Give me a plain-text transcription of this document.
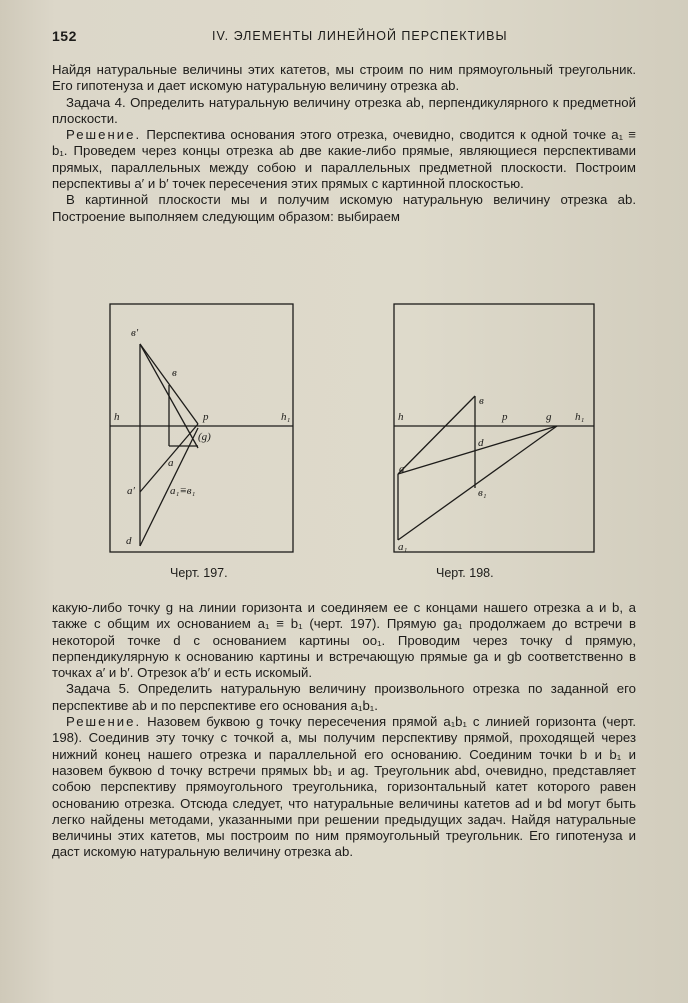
152	IV. ЭЛЕМЕНТЫ ЛИНЕЙНОЙ ПЕРСПЕКТИВЫ

Найдя натуральные величины этих катетов, мы строим по ним прямоугольный треугольник. Его гипотенуза и дает искомую натуральную величину отрезка ab.

Задача 4. Определить натуральную величину отрезка ab, перпендикулярного к предметной плоскости.

Решение. Перспектива основания этого отрезка, очевидно, сводится к одной точке a₁ ≡ b₁. Проведем через концы отрезка ab две какие-либо прямые, являющиеся перспективами прямых, параллельных между собою и параллельных предметной плоскости. Построим перспективы a′ и b′ точек пересечения этих прямых с картинной плоскостью.

В картинной плоскости мы и получим искомую натуральную величину отрезка ab. Построение выполняем следующим образом: выбираем

в′
в
h	p	h₁
(g)
a
a′	a₁≡в₁
d
h
в
p	g h₁
d
a
в₁
a₁
Черт. 197.	Черт. 198.

какую-либо точку g на линии горизонта и соединяем ее с концами нашего отрезка a и b, а также с общим их основанием a₁ ≡ b₁ (черт. 197). Прямую ga₁ продолжаем до встречи в некоторой точке d с основанием картины oo₁. Проводим через точку d прямую, перпендикулярную к основанию картины и встречающую прямые ga и gb соответственно в точках a′ и b′. Отрезок a′b′ и есть искомый.

Задача 5. Определить натуральную величину произвольного отрезка по заданной его перспективе ab и по перспективе его основания a₁b₁.

Решение. Назовем буквою g точку пересечения прямой a₁b₁ с линией горизонта (черт. 198). Соединив эту точку с точкой a, мы получим перспективу прямой, проходящей через нижний конец нашего отрезка и параллельной его основанию. Соединим точки b и b₁ и назовем буквою d точку встречи прямых bb₁ и ag. Треугольник abd, очевидно, представляет собою перспективу прямоугольного треугольника, горизонтальный катет которого равен основанию отрезка. Отсюда следует, что натуральные величины катетов ad и bd могут быть легко найдены методами, указанными при решении предыдущих задач. Найдя натуральные величины этих катетов, мы построим по ним прямоугольный треугольник. Его гипотенуза и даст искомую натуральную величину отрезка ab.
